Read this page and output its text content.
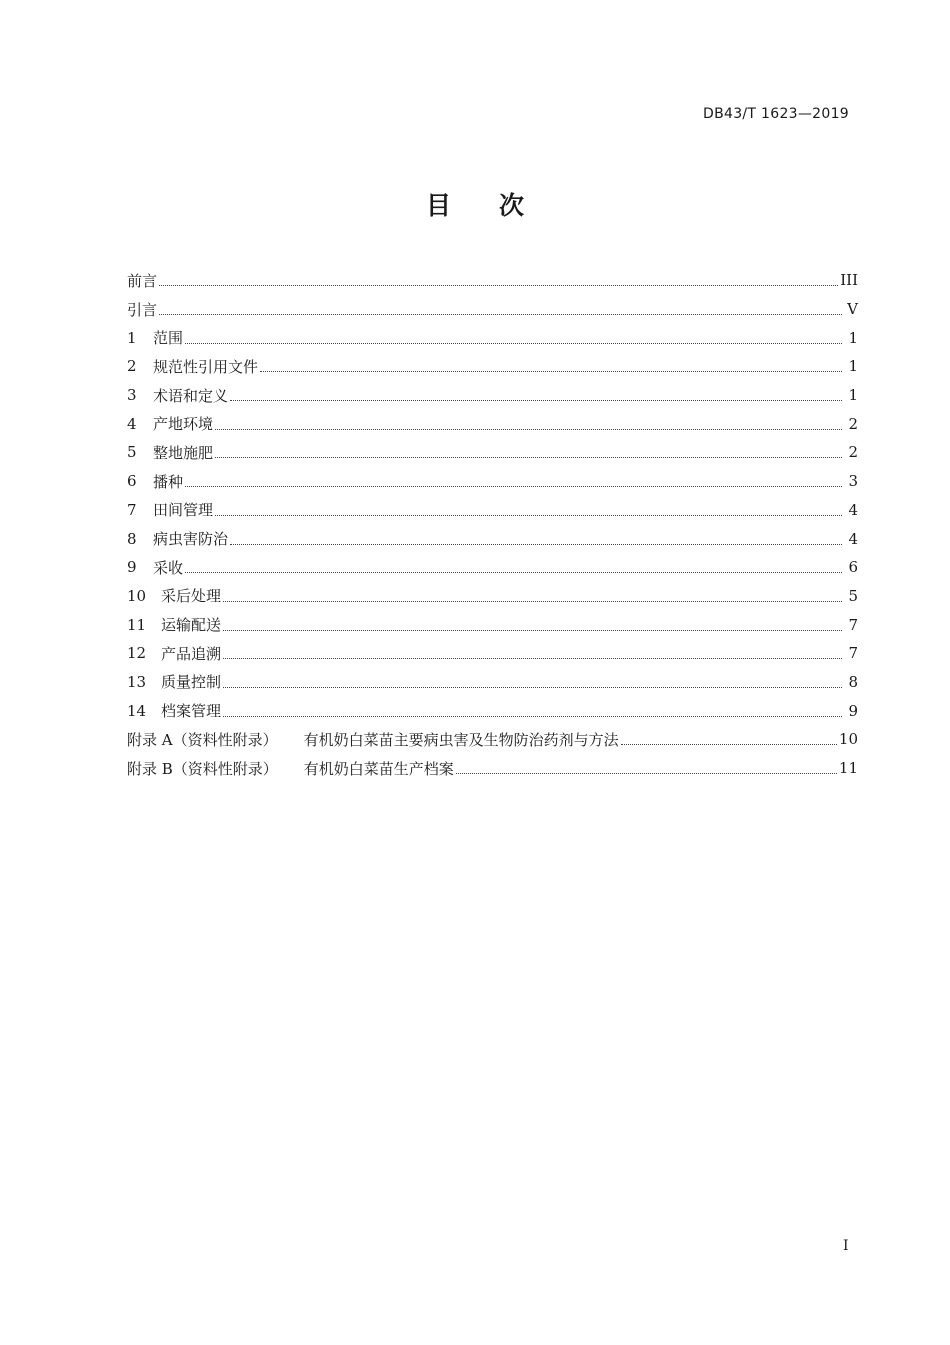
DB43/T 1623—2019
目 次
前言	III
引言	V
1	范围	1
2	规范性引用文件	1
3	术语和定义	1
4	产地环境	2
5	整地施肥	2
6	播种	3
7	田间管理	4
8	病虫害防治	4
9	采收	6
10 采后处理	5
11 运输配送	7
12 产品追溯	7
13 质量控制	8
14 档案管理	9
附录 A（资料性附录） 有机奶白菜苗主要病虫害及生物防治药剂与方法	10
附录 B（资料性附录） 有机奶白菜苗生产档案	11
I
